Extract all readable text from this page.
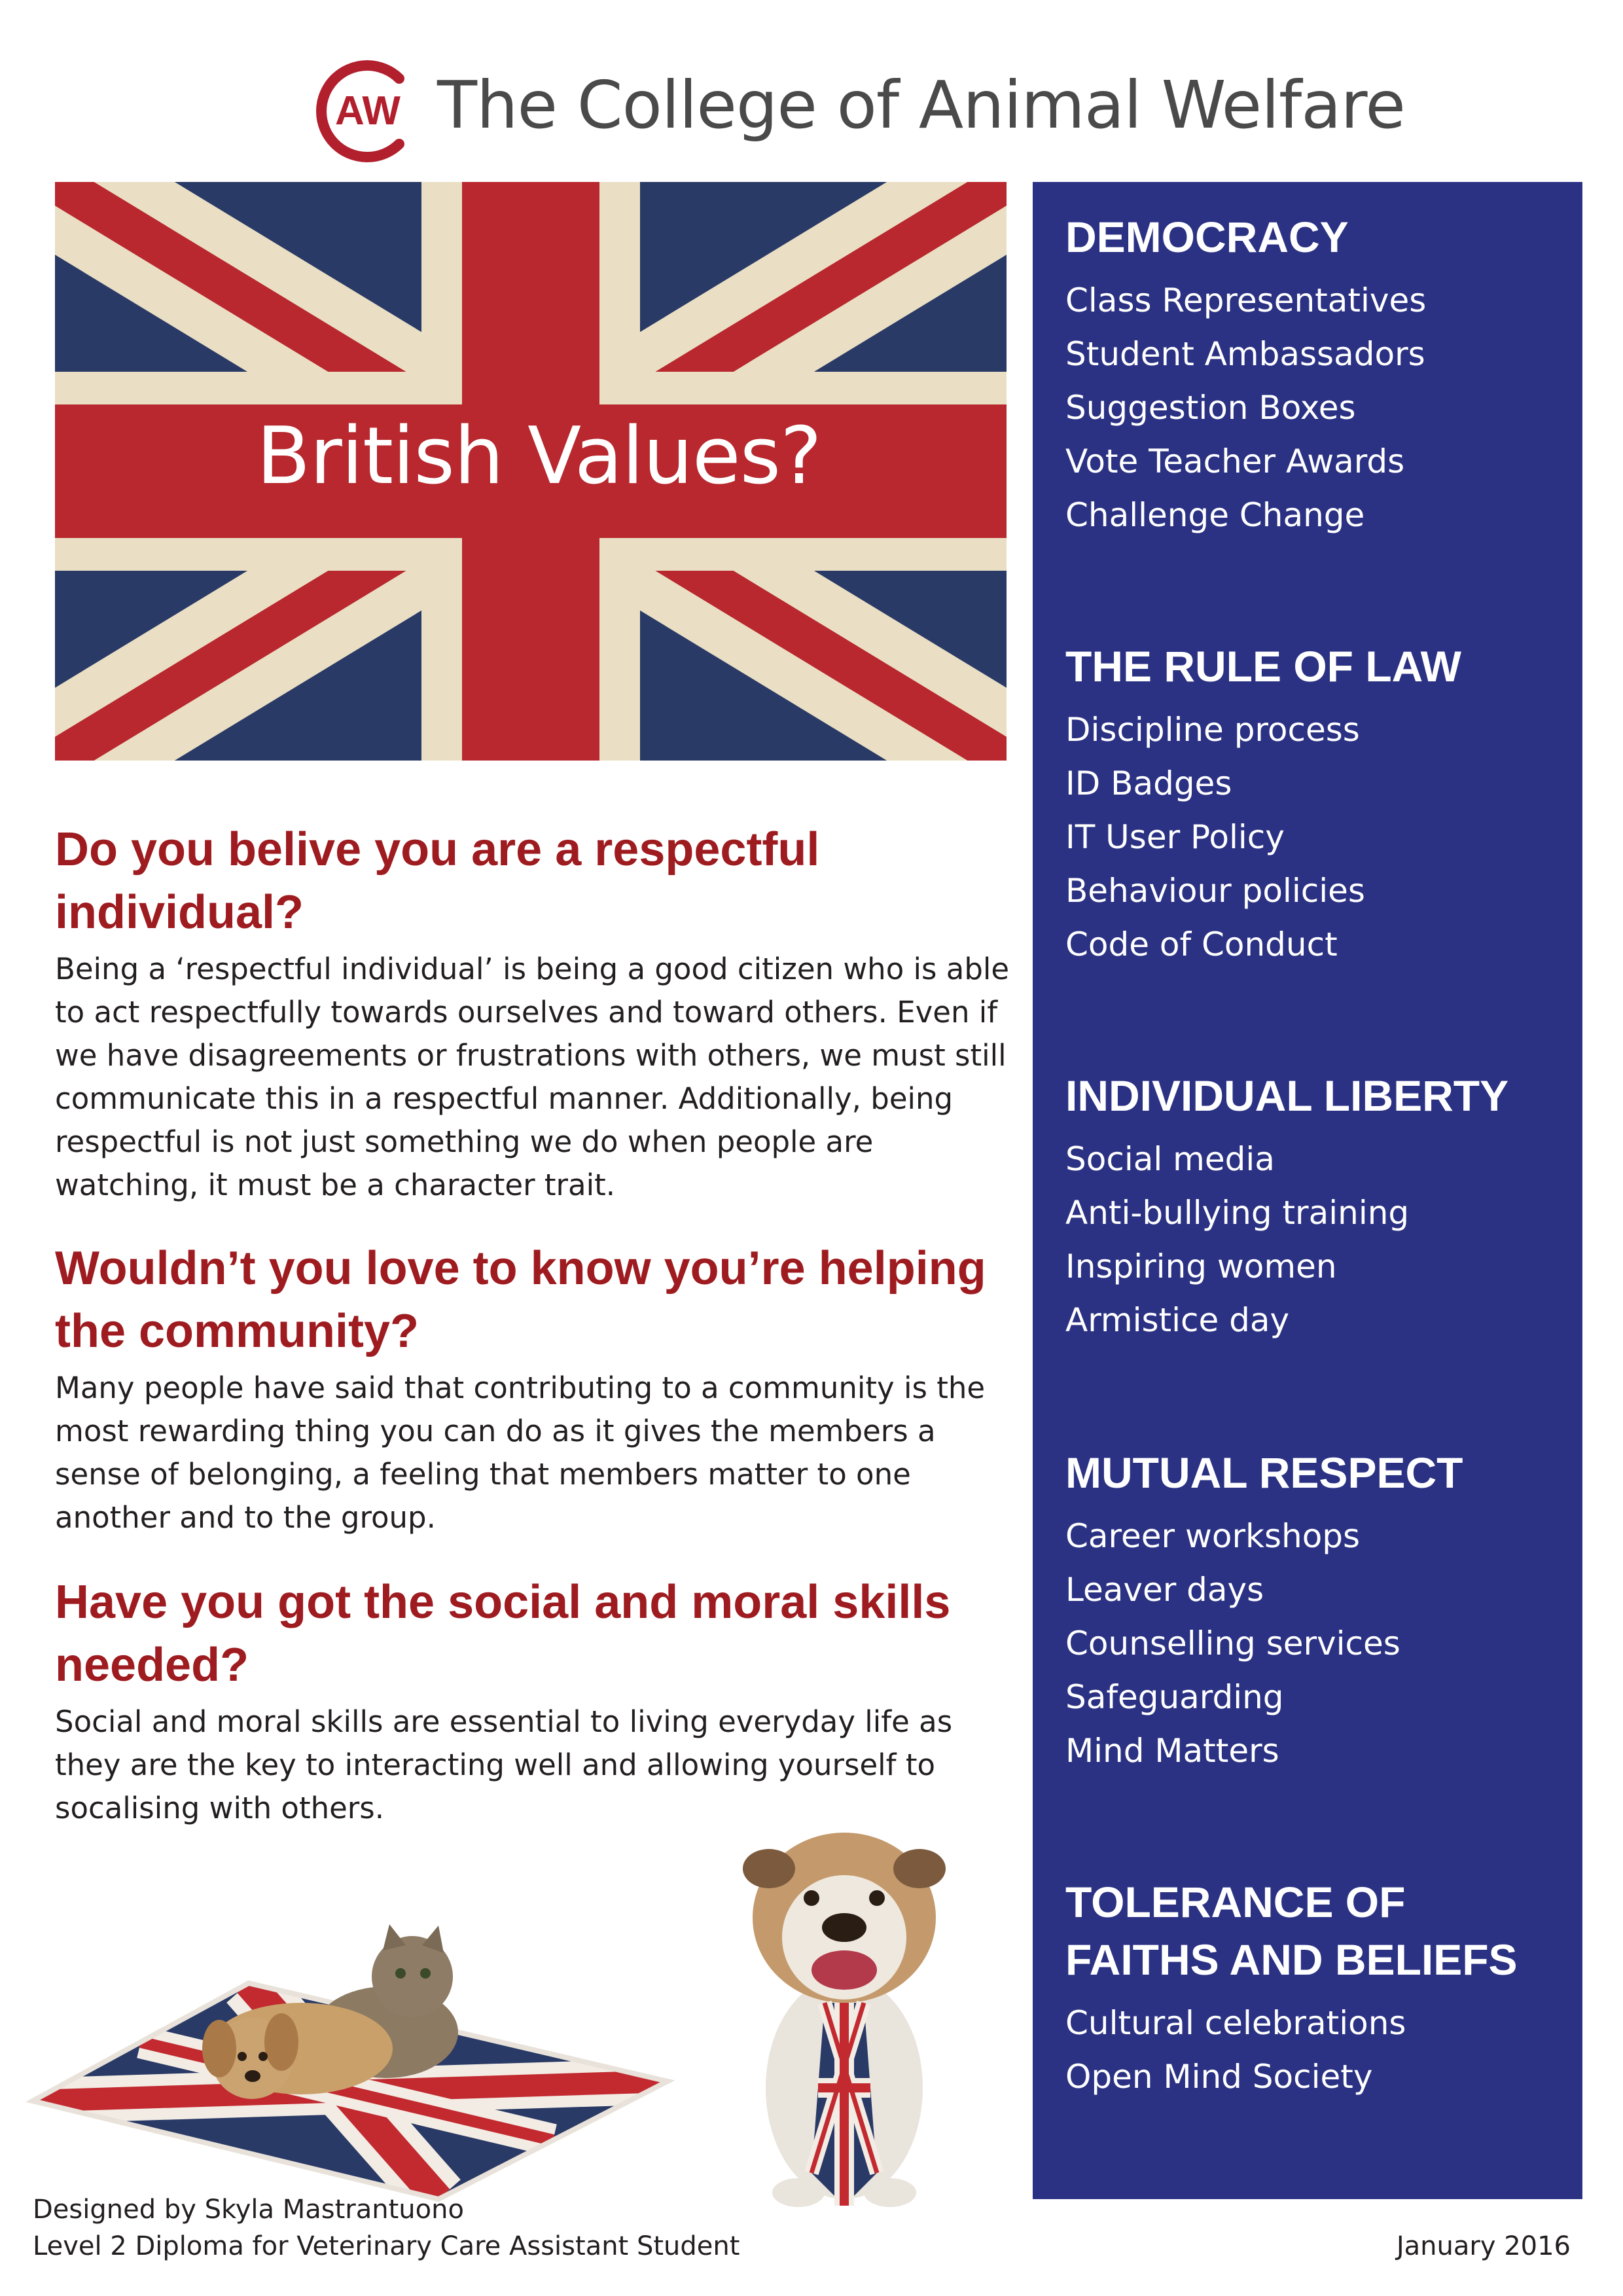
AW The College of Animal Welfare
British Values?
Do you belive you are a respectful individual?

Being a ‘respectful individual’ is being a good citizen who is able to act respectfully towards ourselves and toward others. Even if we have disagreements or frustrations with others, we must still communicate this in a respectful manner. Additionally, being respectful is not just something we do when people are watching, it must be a character trait.

Wouldn’t you love to know you’re helping the community?

Many people have said that contributing to a community is the most rewarding thing you can do as it gives the members a sense of belonging, a feeling that members matter to one another and to the group.

Have you got the social and moral skills needed?

Social and moral skills are essential to living everyday life as they are the key to interacting well and allowing yourself to socalising with others.

DEMOCRACY
Class Representatives
Student Ambassadors
Suggestion Boxes
Vote Teacher Awards
Challenge Change
THE RULE OF LAW
Discipline process
ID Badges
IT User Policy
Behaviour policies
Code of Conduct
INDIVIDUAL LIBERTY
Social media
Anti-bullying training
Inspiring women
Armistice day
MUTUAL RESPECT
Career workshops
Leaver days
Counselling services
Safeguarding
Mind Matters
TOLERANCE OF
FAITHS AND BELIEFS
Cultural celebrations
Open Mind Society
Designed by Skyla Mastrantuono
Level 2 Diploma for Veterinary Care Assistant Student	January 2016
